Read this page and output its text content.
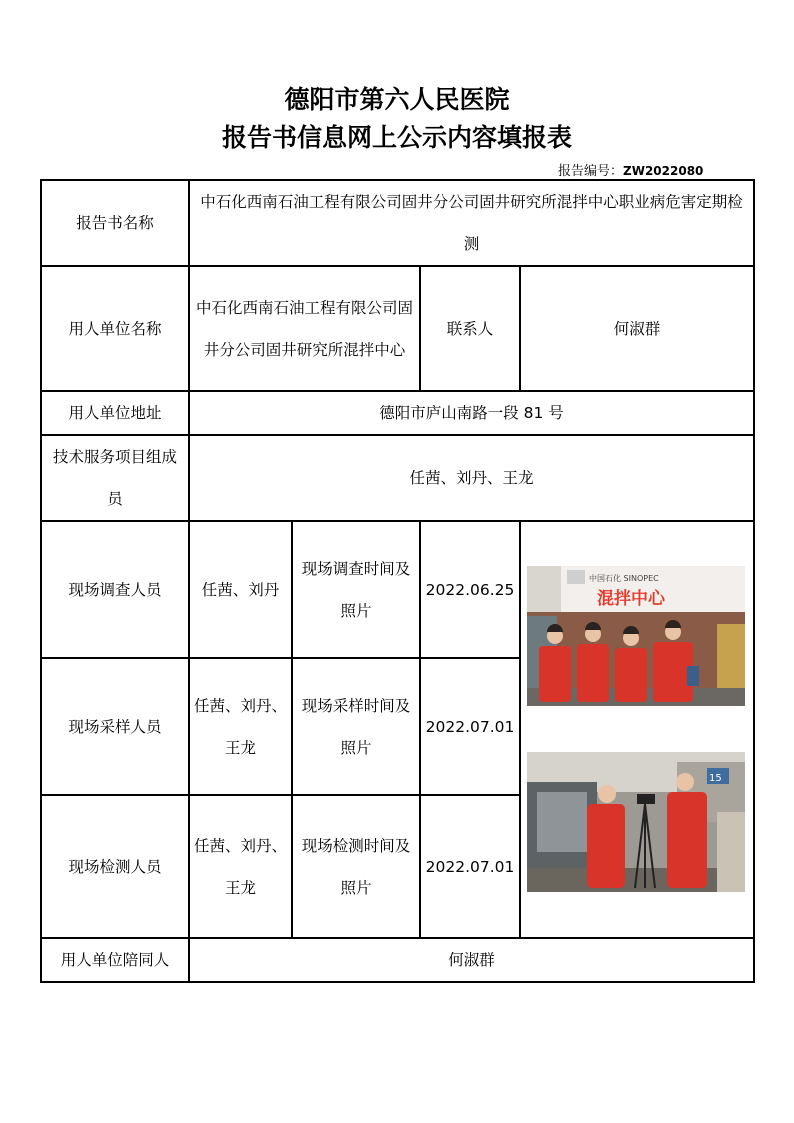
德阳市第六人民医院
报告书信息网上公示内容填报表
报告编号：ZW2022080
报告书名称	中石化西南石油工程有限公司固井分公司固井研究所混拌中心职业病危害定期检测			
用人单位名称	中石化西南石油工程有限公司固井分公司固井研究所混拌中心		联系人	何淑群
用人单位地址	德阳市庐山南路一段 81 号			
技术服务项目组成员	任茜、刘丹、王龙			
现场调查人员	任茜、刘丹	现场调查时间及照片	2022.06.25	中国石化 SINOPEC
混拌中心
15

现场采样人员	任茜、刘丹、王龙	现场采样时间及照片	2022.07.01	
现场检测人员	任茜、刘丹、王龙	现场检测时间及照片	2022.07.01	
用人单位陪同人	何淑群			
